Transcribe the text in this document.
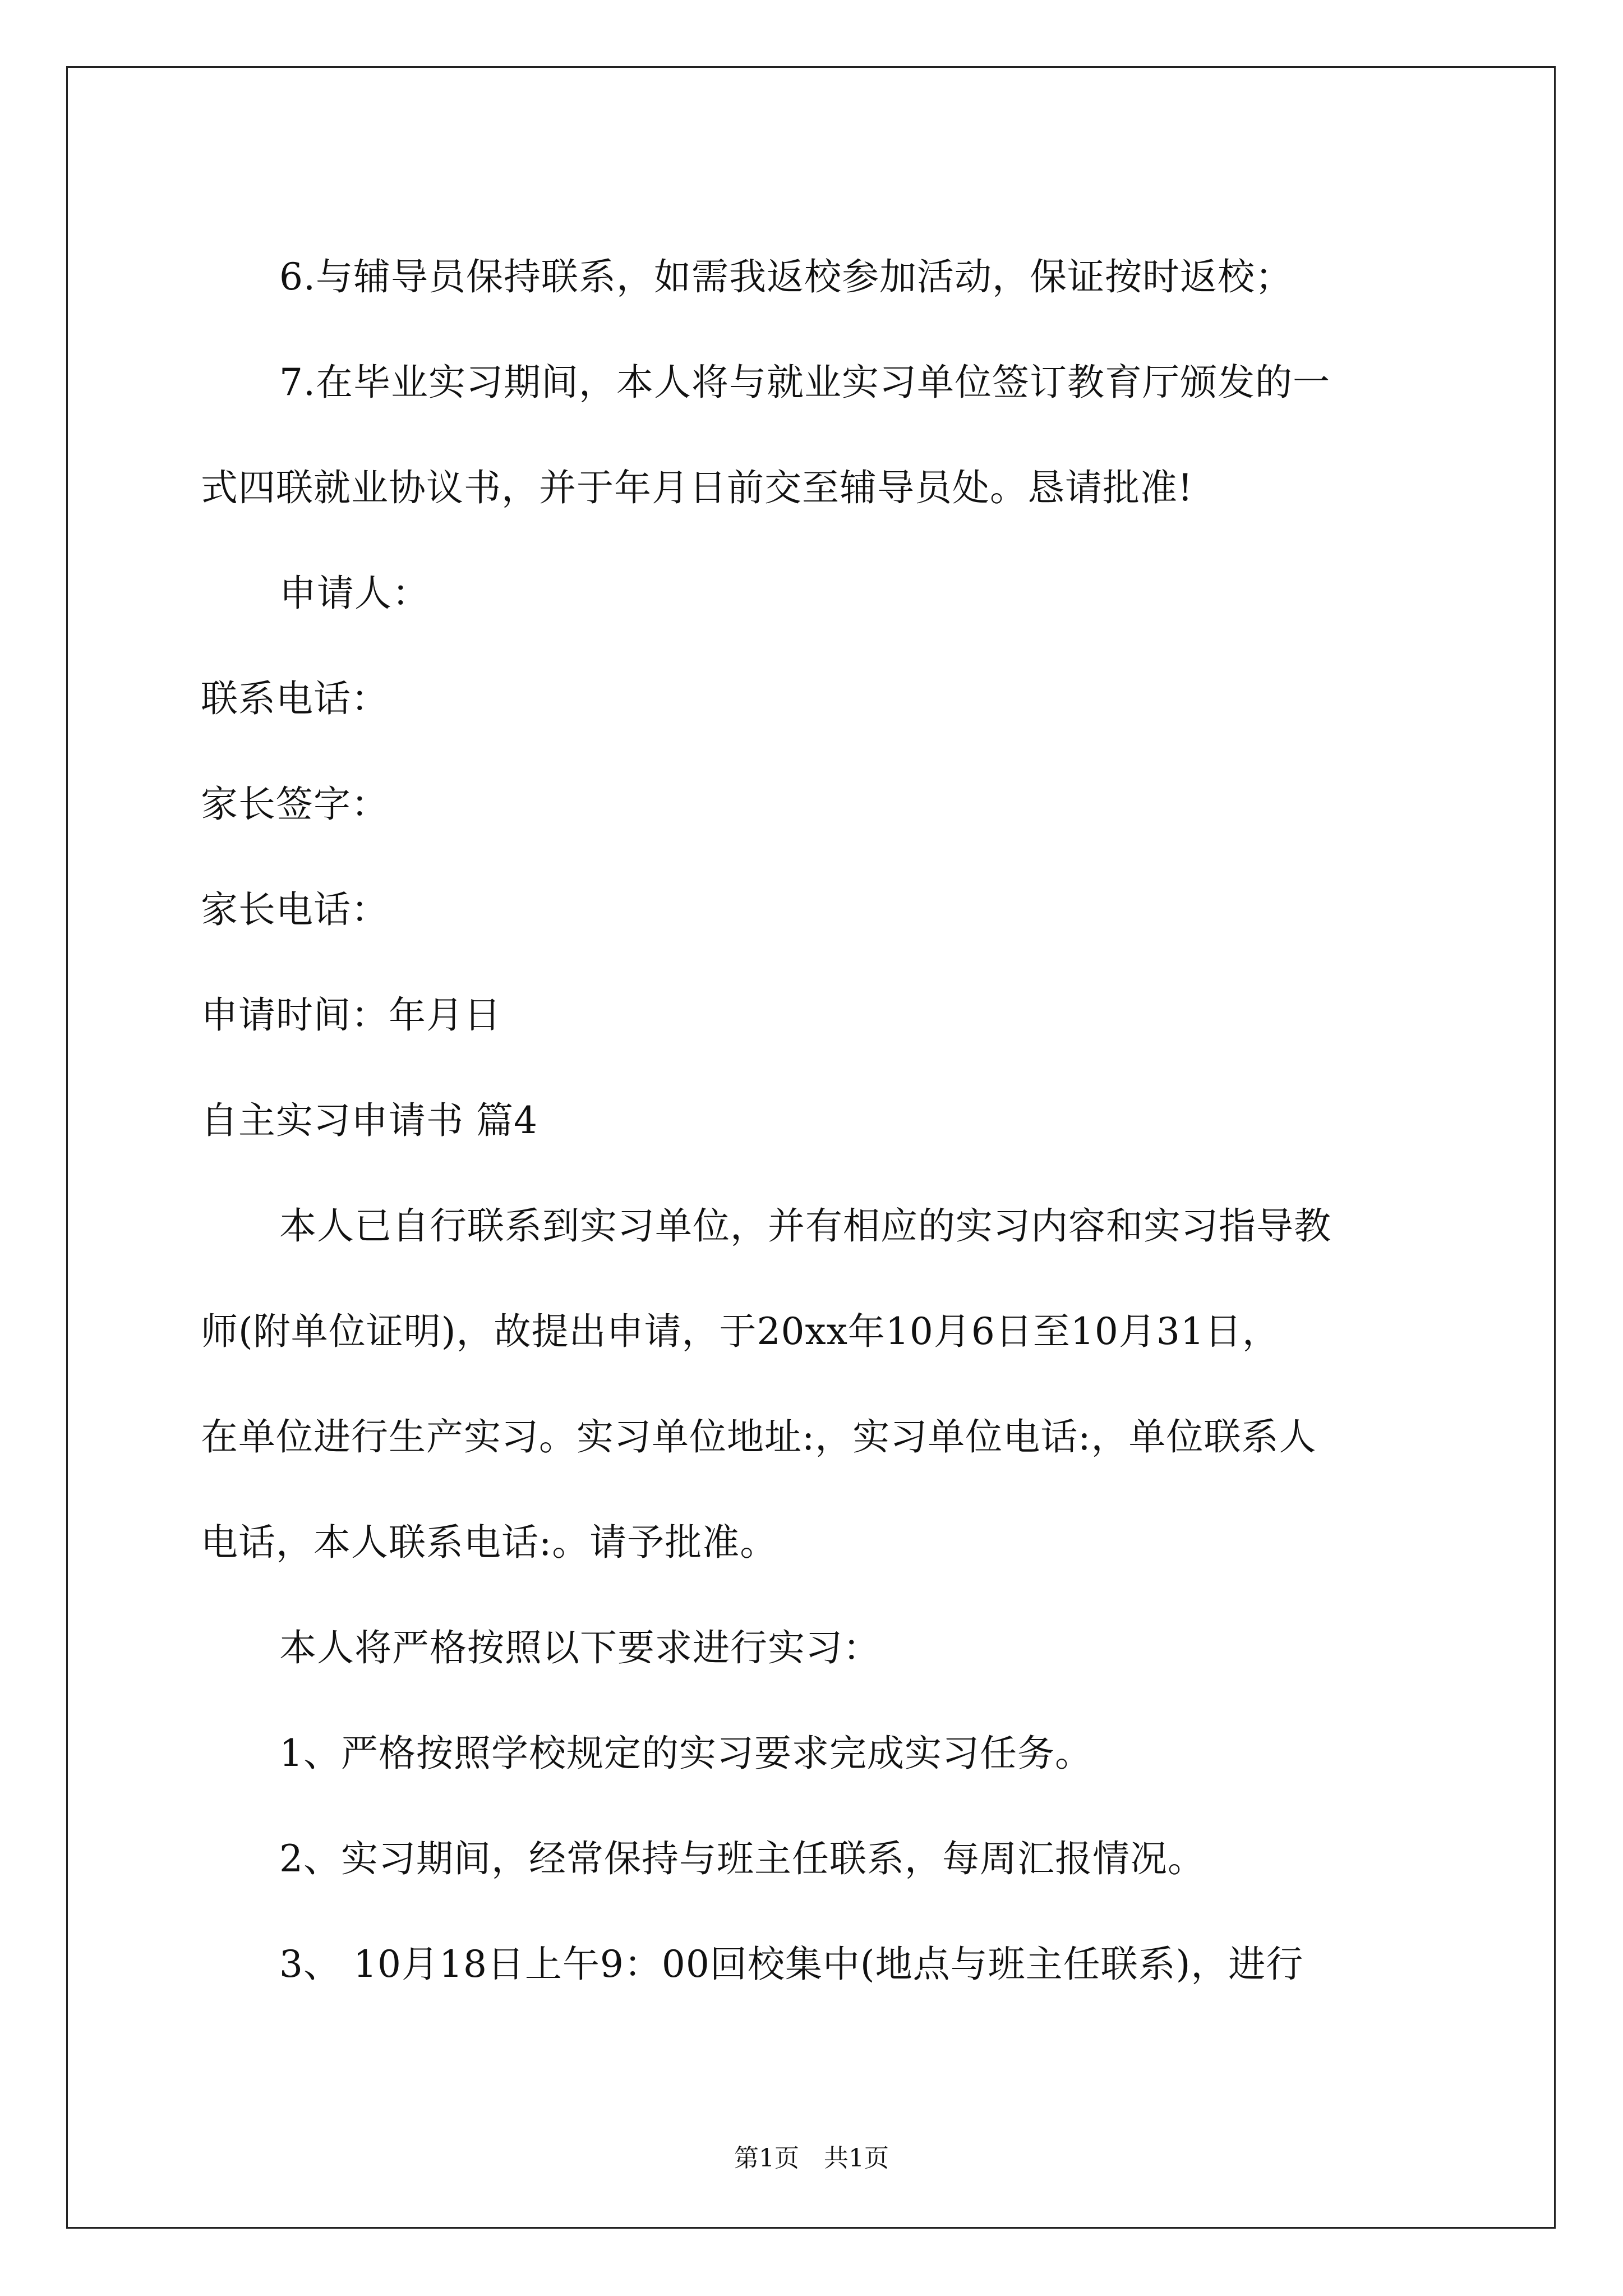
6.与辅导员保持联系，如需我返校参加活动，保证按时返校；
7.在毕业实习期间，本人将与就业实习单位签订教育厅颁发的一
式四联就业协议书，并于年月日前交至辅导员处。恳请批准!
申请人：
联系电话：
家长签字：
家长电话：
申请时间：年月日
自主实习申请书 篇4
本人已自行联系到实习单位，并有相应的实习内容和实习指导教
师(附单位证明)，故提出申请，于20xx年10月6日至10月31日，
在单位进行生产实习。实习单位地址:，实习单位电话:，单位联系人
电话，本人联系电话:。请予批准。
本人将严格按照以下要求进行实习：
1、严格按照学校规定的实习要求完成实习任务。
2、实习期间，经常保持与班主任联系，每周汇报情况。
3、 10月18日上午9：00回校集中(地点与班主任联系)，进行
第1页　共1页
